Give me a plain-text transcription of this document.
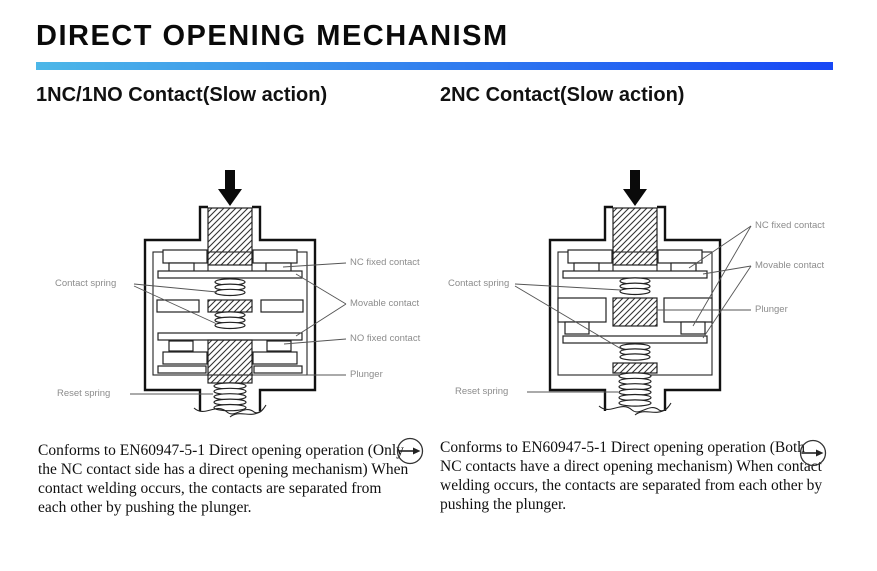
DIRECT OPENING MECHANISM
1NC/1NO Contact(Slow action)	2NC Contact(Slow action)
Contact spring
Reset spring
NC fixed contact
Movable contact
NO fixed contact
Plunger
Contact spring
Reset spring
NC fixed contact
Movable contact
Plunger
Conforms to EN60947-5-1 Direct opening operation (Only the NC contact side has a direct opening mechanism) When contact welding occurs, the contacts are separated from each other by pushing the plunger.
Conforms to EN60947-5-1 Direct opening operation (Both NC contacts have a direct opening mechanism) When contact welding occurs, the contacts are separated from each other by pushing the plunger.
